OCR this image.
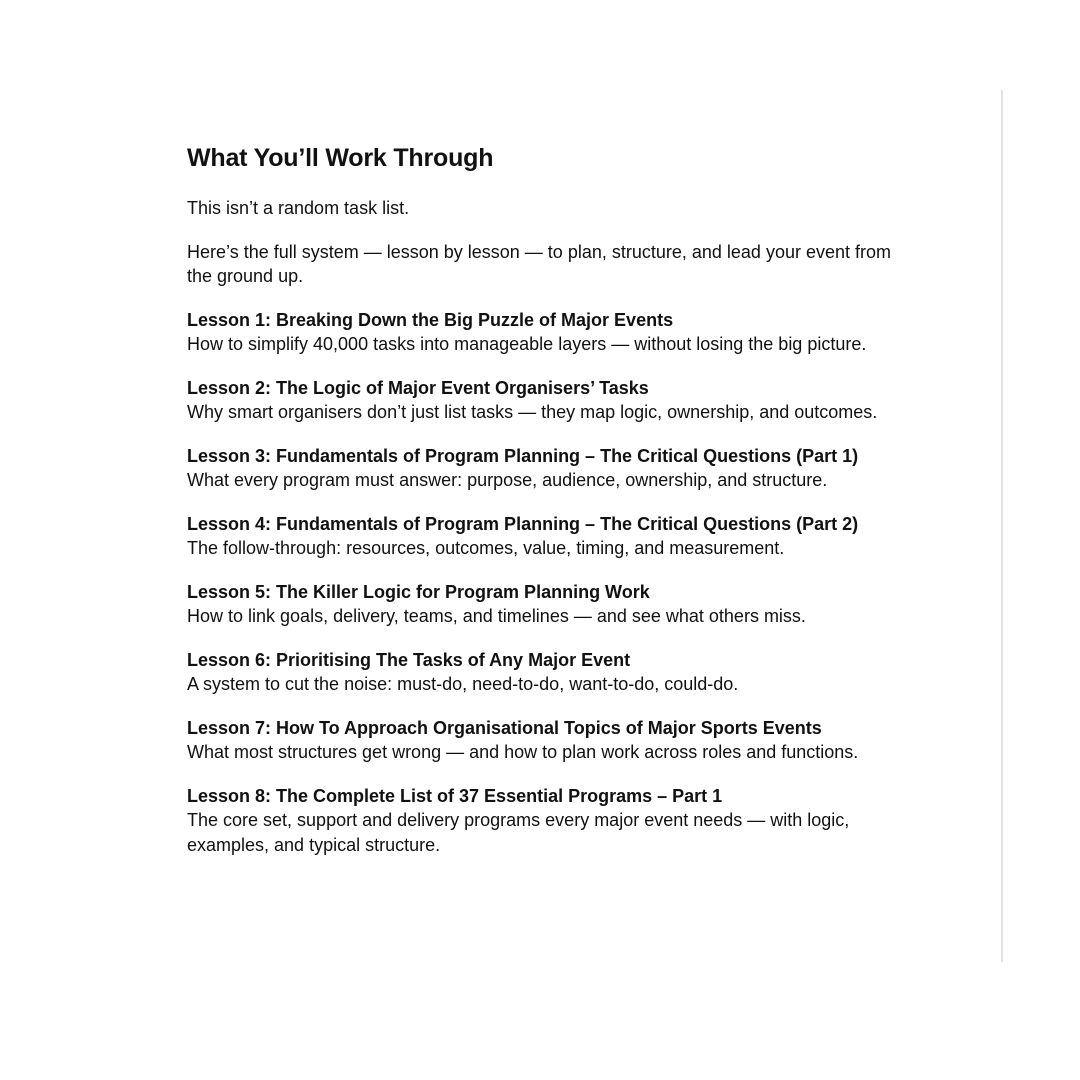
What You’ll Work Through

This isn’t a random task list.

Here’s the full system — lesson by lesson — to plan, structure, and lead your event from the ground up.

Lesson 1: Breaking Down the Big Puzzle of Major Events
How to simplify 40,000 tasks into manageable layers — without losing the big picture.
Lesson 2: The Logic of Major Event Organisers’ Tasks
Why smart organisers don’t just list tasks — they map logic, ownership, and outcomes.
Lesson 3: Fundamentals of Program Planning – The Critical Questions (Part 1)
What every program must answer: purpose, audience, ownership, and structure.
Lesson 4: Fundamentals of Program Planning – The Critical Questions (Part 2)
The follow-through: resources, outcomes, value, timing, and measurement.
Lesson 5: The Killer Logic for Program Planning Work
How to link goals, delivery, teams, and timelines — and see what others miss.
Lesson 6: Prioritising The Tasks of Any Major Event
A system to cut the noise: must-do, need-to-do, want-to-do, could-do.
Lesson 7: How To Approach Organisational Topics of Major Sports Events
What most structures get wrong — and how to plan work across roles and functions.
Lesson 8: The Complete List of 37 Essential Programs – Part 1
The core set, support and delivery programs every major event needs — with logic, examples, and typical structure.
